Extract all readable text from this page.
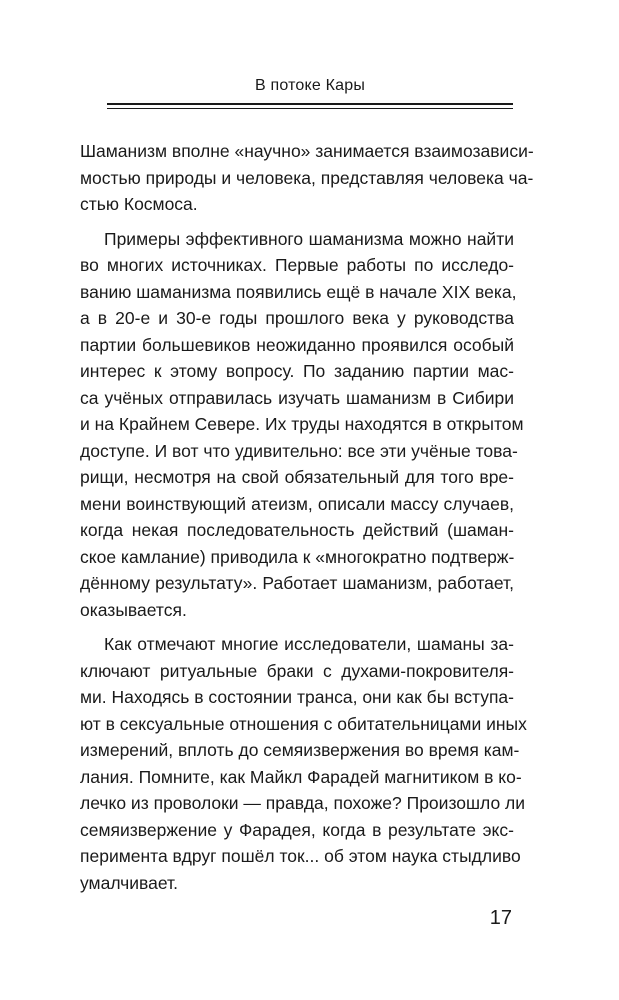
В потоке Кары
Шаманизм вполне «научно» занимается взаимозависи-
мостью природы и человека, представляя человека ча-
стью Космоса.
Примеры эффективного шаманизма можно найти
во многих источниках. Первые работы по исследо-
ванию шаманизма появились ещё в начале XIX века,
а в 20-е и 30-е годы прошлого века у руководства
партии большевиков неожиданно проявился особый
интерес к этому вопросу. По заданию партии мас-
са учёных отправилась изучать шаманизм в Сибири
и на Крайнем Севере. Их труды находятся в открытом
доступе. И вот что удивительно: все эти учёные това-
рищи, несмотря на свой обязательный для того вре-
мени воинствующий атеизм, описали массу случаев,
когда некая последовательность действий (шаман-
ское камлание) приводила к «многократно подтверж-
дённому результату». Работает шаманизм, работает,
оказывается.
Как отмечают многие исследователи, шаманы за-
ключают ритуальные браки с духами-покровителя-
ми. Находясь в состоянии транса, они как бы вступа-
ют в сексуальные отношения с обитательницами иных
измерений, вплоть до семяизвержения во время кам-
лания. Помните, как Майкл Фарадей магнитиком в ко-
лечко из проволоки — правда, похоже? Произошло ли
семяизвержение у Фарадея, когда в результате экс-
перимента вдруг пошёл ток... об этом наука стыдливо
умалчивает.
17
